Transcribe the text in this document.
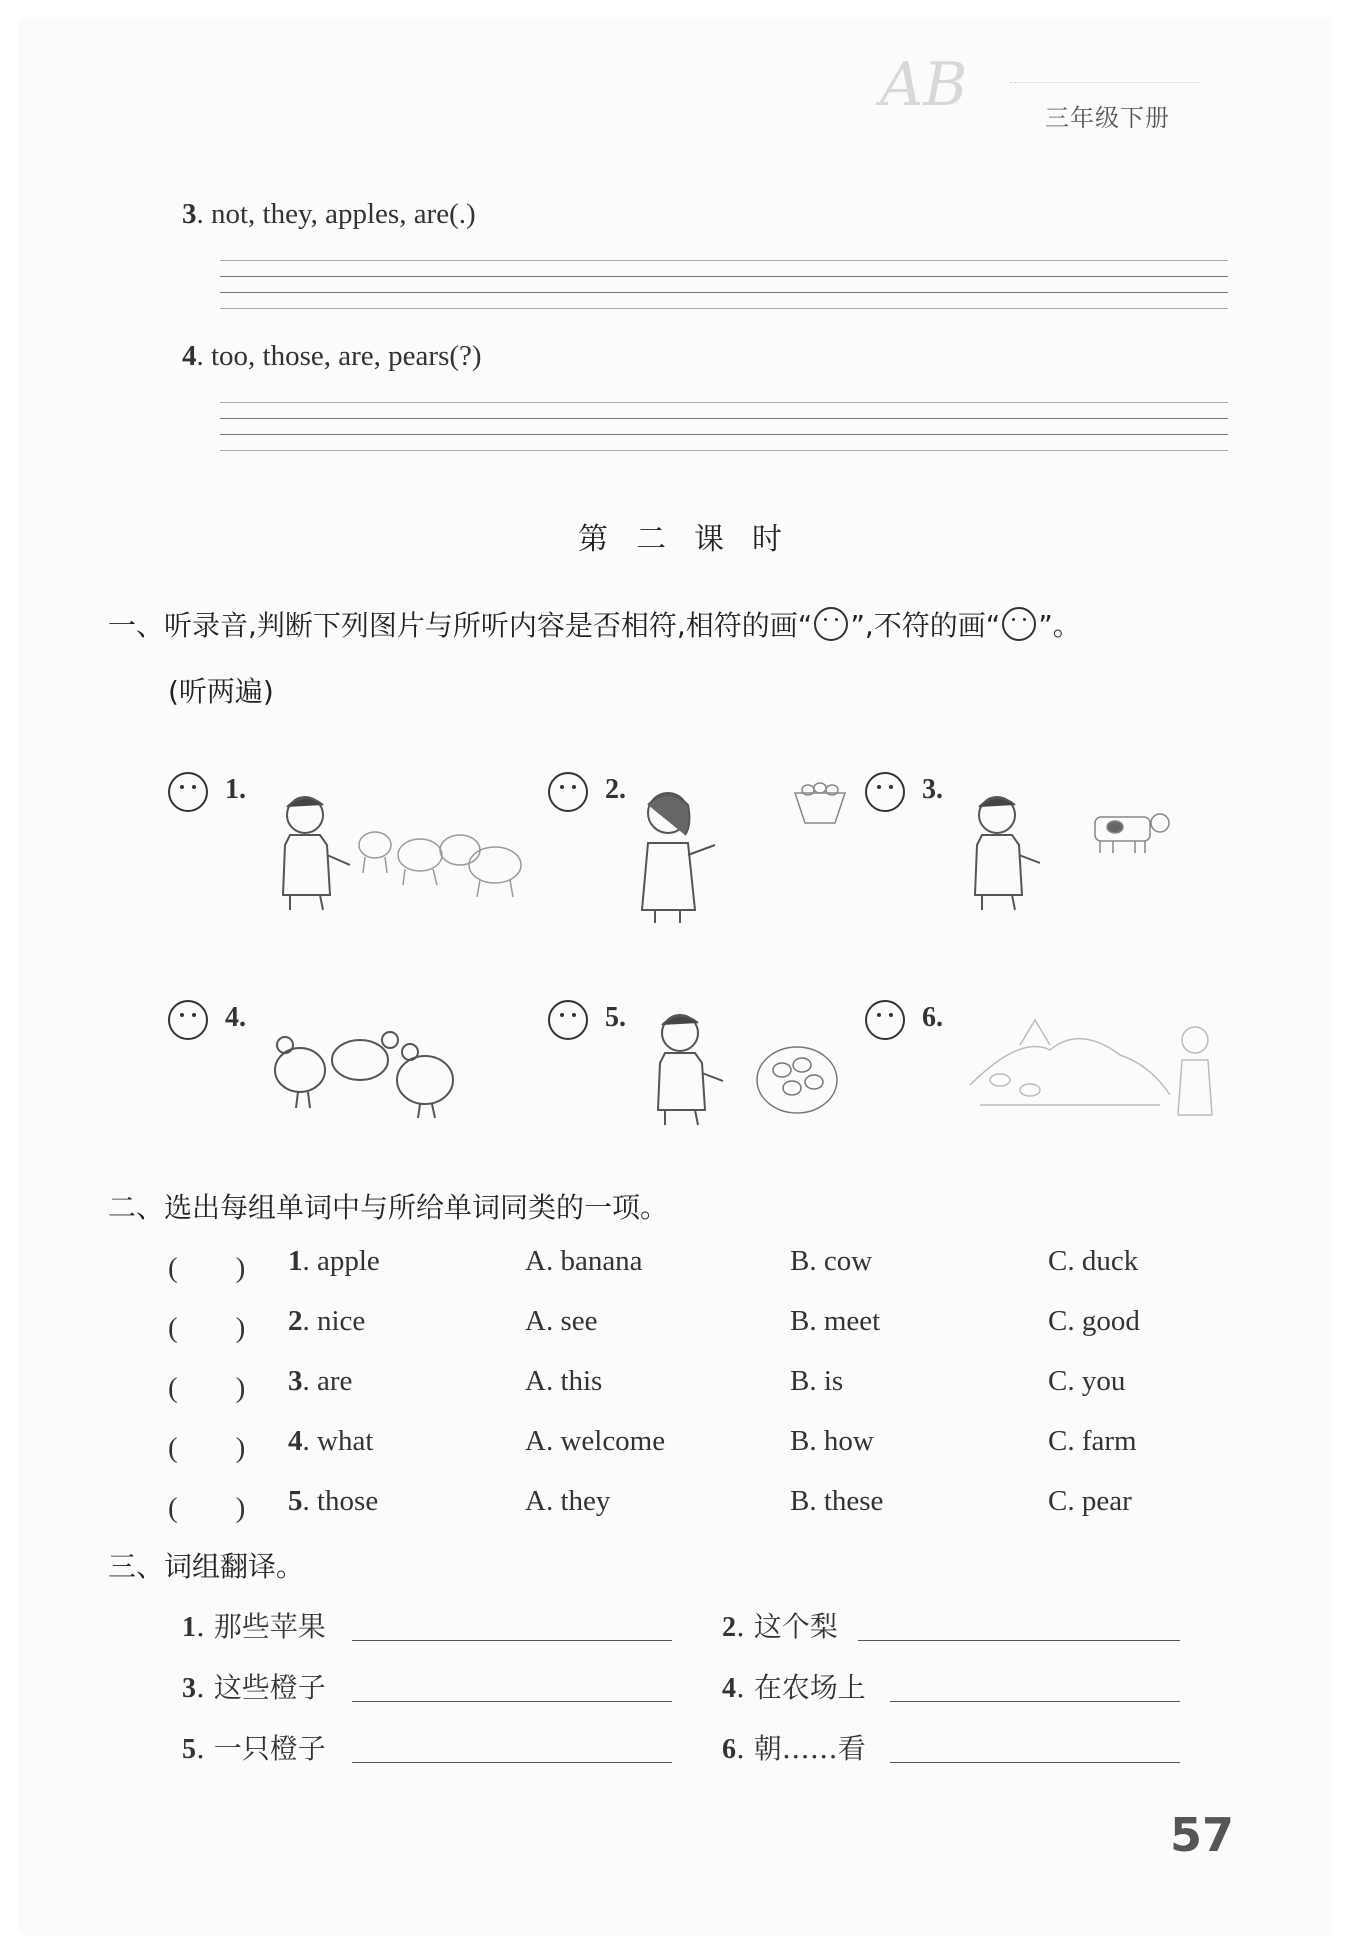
AB	三年级下册
3. not, they, apples, are(.)
4. too, those, are, pears(?)
第二课时
一、听录音,判断下列图片与所听内容是否相符,相符的画“ ”,不符的画“ ”。
(听两遍)
1.	2.	3.
4.	5.	6.
二、选出每组单词中与所给单词同类的一项。
(　　) 1. apple	A. banana	B. cow	C. duck
(　　) 2. nice	A. see	B. meet	C. good
(　　) 3. are	A. this	B. is	C. you
(　　) 4. what	A. welcome	B. how	C. farm
(　　) 5. those	A. they	B. these	C. pear
三、词组翻译。
1. 那些苹果	2. 这个梨
3. 这些橙子	4. 在农场上
5. 一只橙子	6. 朝……看
57
